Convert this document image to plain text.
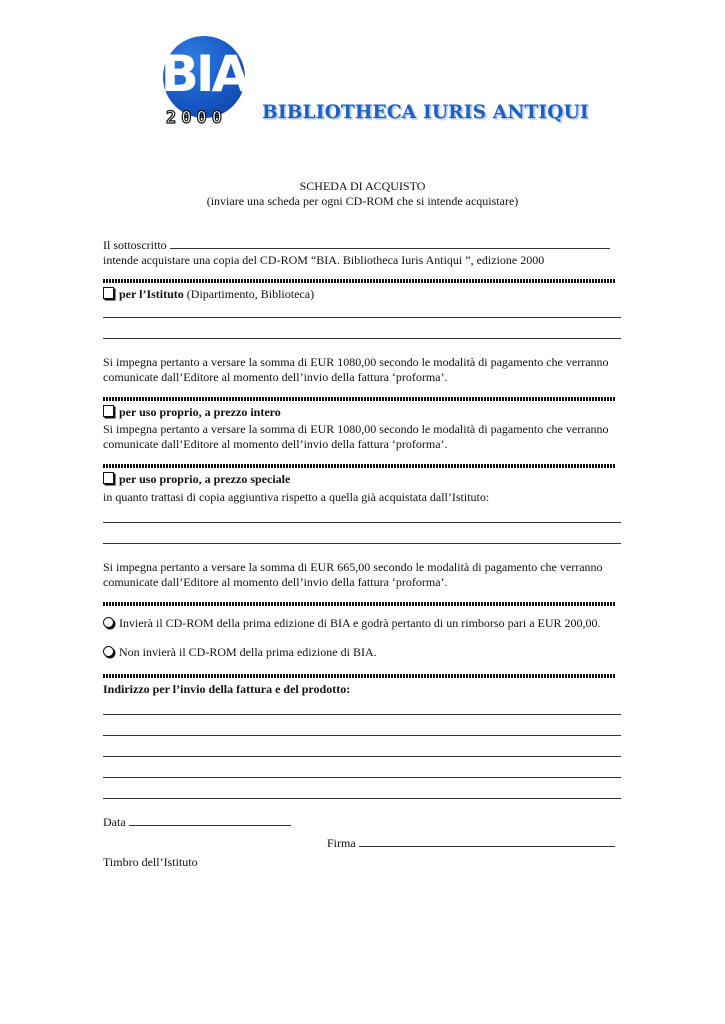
BIA
2000	BIBLIOTHECA IURIS ANTIQUI
SCHEDA DI ACQUISTO
(inviare una scheda per ogni CD-ROM che si intende acquistare)
Il sottoscritto
intende acquistare una copia del CD-ROM “BIA. Bibliotheca Iuris Antiqui ”, edizione 2000
per l’Istituto (Dipartimento, Biblioteca)
Si impegna pertanto a versare la somma di EUR 1080,00 secondo le modalità di pagamento che verranno
comunicate dall’Editore al momento dell’invio della fattura ‘proforma’.
per uso proprio, a prezzo intero
Si impegna pertanto a versare la somma di EUR 1080,00 secondo le modalità di pagamento che verranno
comunicate dall’Editore al momento dell’invio della fattura ‘proforma’.
per uso proprio, a prezzo speciale
in quanto trattasi di copia aggiuntiva rispetto a quella già acquistata dall’Istituto:
Si impegna pertanto a versare la somma di EUR 665,00 secondo le modalità di pagamento che verranno
comunicate dall’Editore al momento dell’invio della fattura ‘proforma’.
Invierà il CD-ROM della prima edizione di BIA e godrà pertanto di un rimborso pari a EUR 200,00.
Non invierà il CD-ROM della prima edizione di BIA.
Indirizzo per l’invio della fattura e del prodotto:
Data
Firma
Timbro dell’Istituto
